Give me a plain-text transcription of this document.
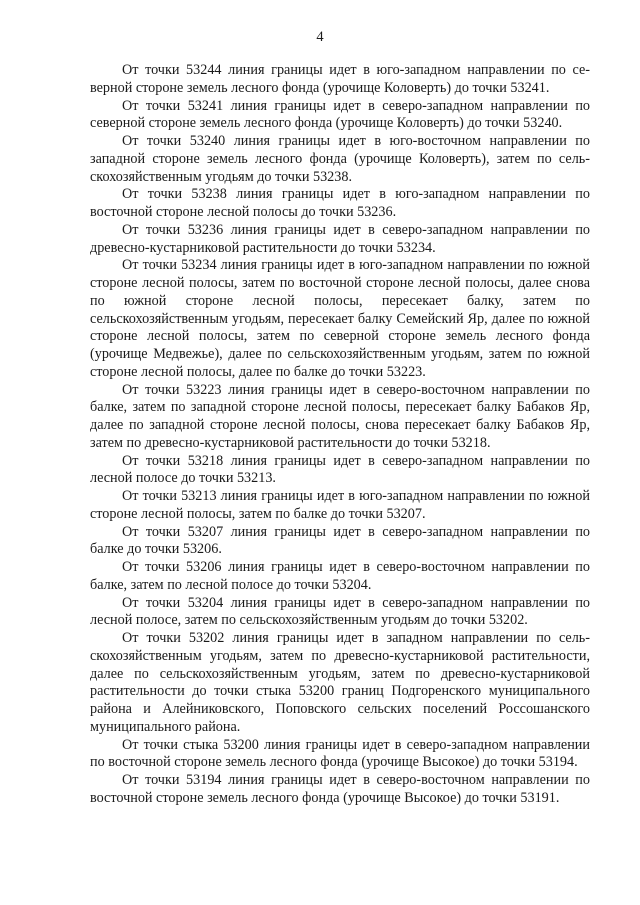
4

От точки 53244 линия границы идет в юго-западном направлении по северной стороне земель лесного фонда (урочище Коловерть) до точки 53241.

От точки 53241 линия границы идет в северо-западном направлении по северной стороне земель лесного фонда (урочище Коловерть) до точки 53240.

От точки 53240 линия границы идет в юго-восточном направлении по западной стороне земель лесного фонда (урочище Коловерть), затем по сельскохозяйственным угодьям до точки 53238.

От точки 53238 линия границы идет в юго-западном направлении по восточной стороне лесной полосы до точки 53236.

От точки 53236 линия границы идет в северо-западном направлении по древесно-кустарниковой растительности до точки 53234.

От точки 53234 линия границы идет в юго-западном направлении по южной стороне лесной полосы, затем по восточной стороне лесной полосы, далее снова по южной стороне лесной полосы, пересекает балку, затем по сельскохозяйственным угодьям, пересекает балку Семейский Яр, далее по южной стороне лесной полосы, затем по северной стороне земель лесного фонда (урочище Медвежье), далее по сельскохозяйственным угодьям, затем по южной стороне лесной полосы, далее по балке до точки 53223.

От точки 53223 линия границы идет в северо-восточном направлении по балке, затем по западной стороне лесной полосы, пересекает балку Бабаков Яр, далее по западной стороне лесной полосы, снова пересекает балку Бабаков Яр, затем по древесно-кустарниковой растительности до точки 53218.

От точки 53218 линия границы идет в северо-западном направлении по лесной полосе до точки 53213.

От точки 53213 линия границы идет в юго-западном направлении по южной стороне лесной полосы, затем по балке до точки 53207.

От точки 53207 линия границы идет в северо-западном направлении по балке до точки 53206.

От точки 53206 линия границы идет в северо-восточном направлении по балке, затем по лесной полосе до точки 53204.

От точки 53204 линия границы идет в северо-западном направлении по лесной полосе, затем по сельскохозяйственным угодьям до точки 53202.

От точки 53202 линия границы идет в западном направлении по сельскохозяйственным угодьям, затем по древесно-кустарниковой растительности, далее по сельскохозяйственным угодьям, затем по древесно-кустарниковой растительности до точки стыка 53200 границ Подгоренского муниципального района и Алейниковского, Поповского сельских поселений Россошанского муниципального района.

От точки стыка 53200 линия границы идет в северо-западном направлении по восточной стороне земель лесного фонда (урочище Высокое) до точки 53194.

От точки 53194 линия границы идет в северо-восточном направлении по восточной стороне земель лесного фонда (урочище Высокое) до точки 53191.
